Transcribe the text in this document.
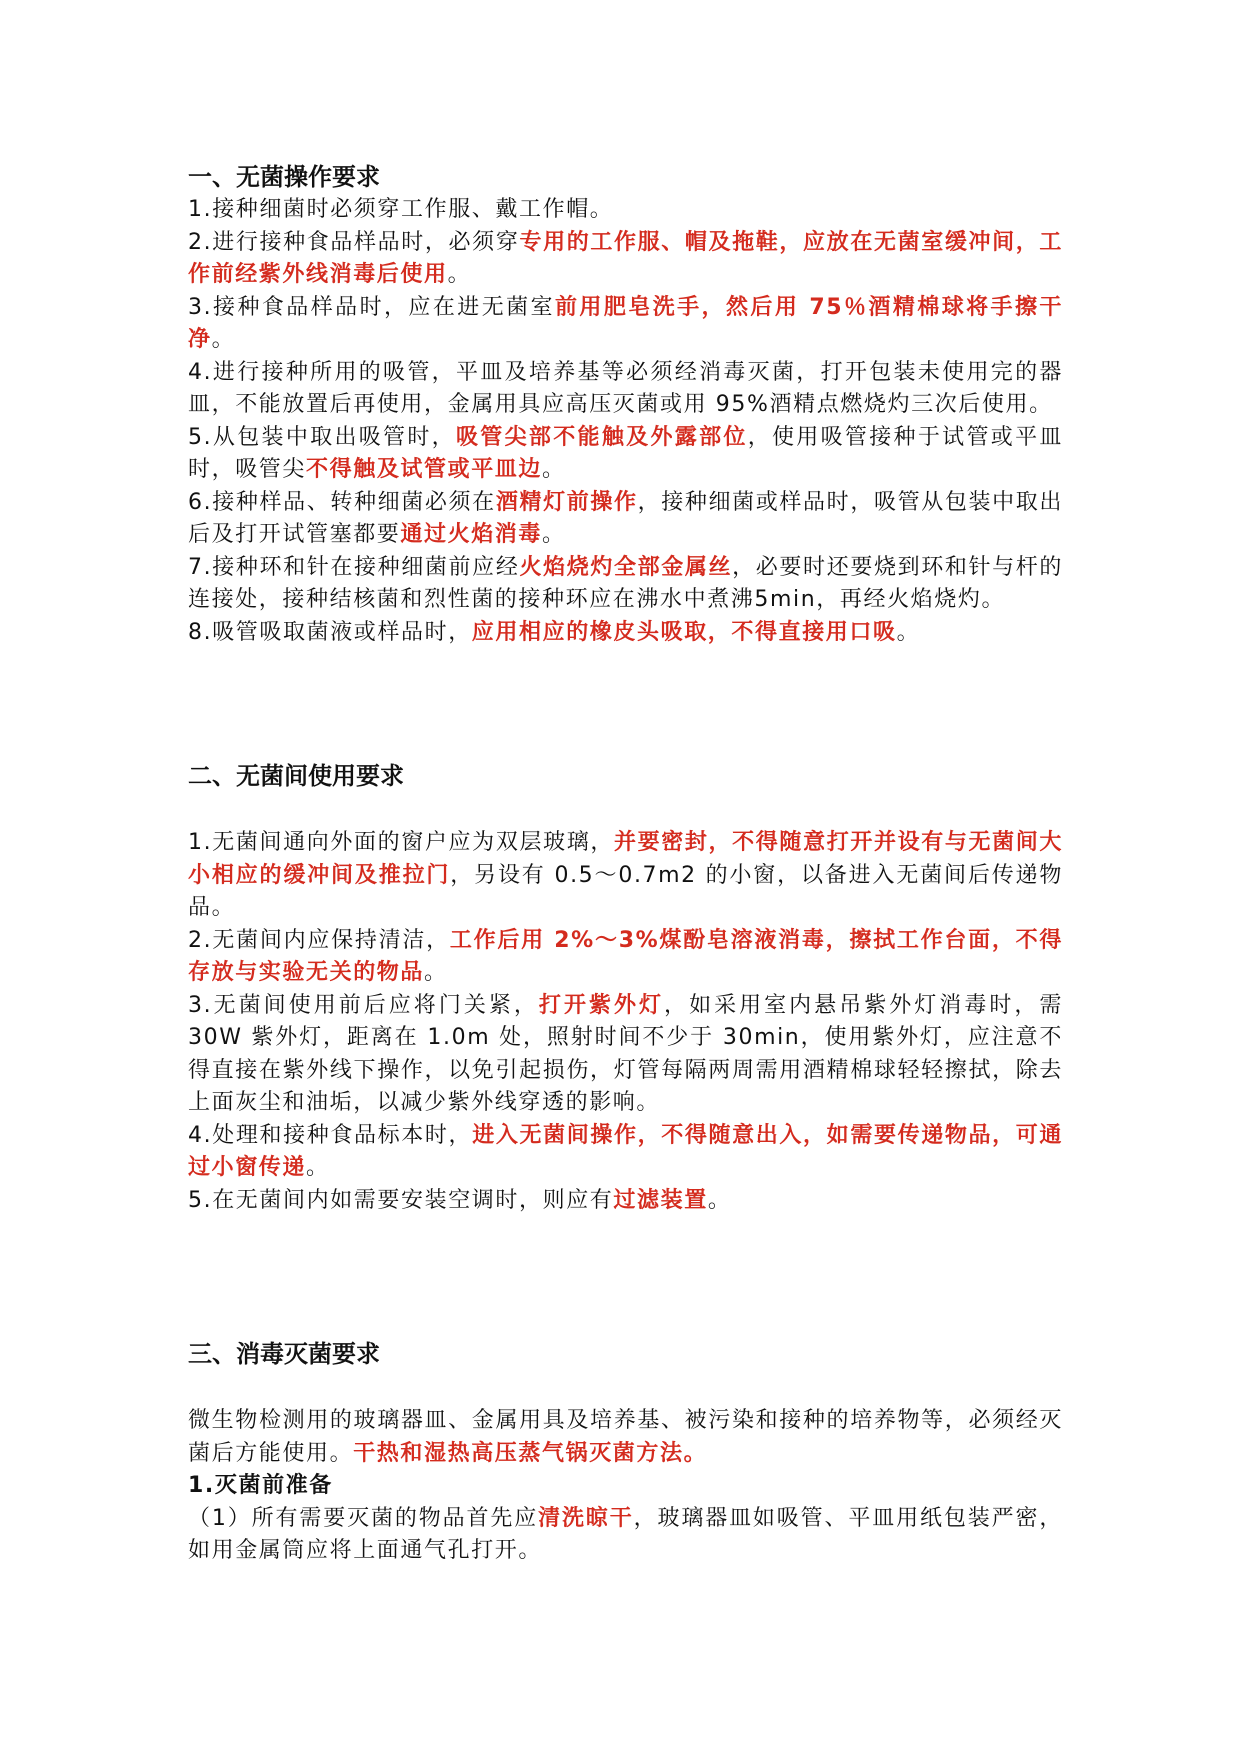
一、无菌操作要求

1.接种细菌时必须穿工作服、戴工作帽。

2.进行接种食品样品时，必须穿专用的工作服、帽及拖鞋，应放在无菌室缓冲间，工作前经紫外线消毒后使用。

3.接种食品样品时，应在进无菌室前用肥皂洗手，然后用 75％酒精棉球将手擦干净。

4.进行接种所用的吸管，平皿及培养基等必须经消毒灭菌，打开包装未使用完的器皿，不能放置后再使用，金属用具应高压灭菌或用 95%酒精点燃烧灼三次后使用。

5.从包装中取出吸管时，吸管尖部不能触及外露部位，使用吸管接种于试管或平皿时，吸管尖不得触及试管或平皿边。

6.接种样品、转种细菌必须在酒精灯前操作，接种细菌或样品时，吸管从包装中取出后及打开试管塞都要通过火焰消毒。

7.接种环和针在接种细菌前应经火焰烧灼全部金属丝，必要时还要烧到环和针与杆的连接处，接种结核菌和烈性菌的接种环应在沸水中煮沸5min，再经火焰烧灼。

8.吸管吸取菌液或样品时，应用相应的橡皮头吸取，不得直接用口吸。

二、无菌间使用要求

1.无菌间通向外面的窗户应为双层玻璃，并要密封，不得随意打开并设有与无菌间大小相应的缓冲间及推拉门，另设有 0.5～0.7m2 的小窗，以备进入无菌间后传递物品。

2.无菌间内应保持清洁，工作后用 2%～3%煤酚皂溶液消毒，擦拭工作台面，不得存放与实验无关的物品。

3.无菌间使用前后应将门关紧，打开紫外灯，如采用室内悬吊紫外灯消毒时，需 30W 紫外灯，距离在 1.0m 处，照射时间不少于 30min，使用紫外灯，应注意不得直接在紫外线下操作，以免引起损伤，灯管每隔两周需用酒精棉球轻轻擦拭，除去上面灰尘和油垢，以减少紫外线穿透的影响。

4.处理和接种食品标本时，进入无菌间操作，不得随意出入，如需要传递物品，可通过小窗传递。

5.在无菌间内如需要安装空调时，则应有过滤装置。

三、消毒灭菌要求

微生物检测用的玻璃器皿、金属用具及培养基、被污染和接种的培养物等，必须经灭菌后方能使用。干热和湿热高压蒸气锅灭菌方法。

1.灭菌前准备

（1）所有需要灭菌的物品首先应清洗晾干，玻璃器皿如吸管、平皿用纸包装严密，如用金属筒应将上面通气孔打开。
